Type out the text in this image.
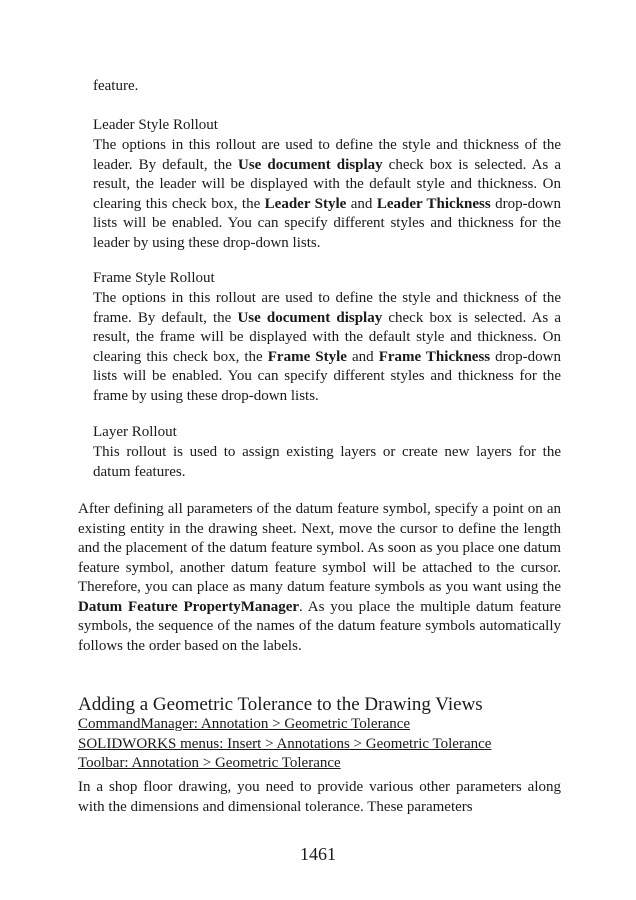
feature.
Leader Style Rollout
The options in this rollout are used to define the style and thickness of the leader. By default, the Use document display check box is selected. As a result, the leader will be displayed with the default style and thickness. On clearing this check box, the Leader Style and Leader Thickness drop-down lists will be enabled. You can specify different styles and thickness for the leader by using these drop-down lists.
Frame Style Rollout
The options in this rollout are used to define the style and thickness of the frame. By default, the Use document display check box is selected. As a result, the frame will be displayed with the default style and thickness. On clearing this check box, the Frame Style and Frame Thickness drop-down lists will be enabled. You can specify different styles and thickness for the frame by using these drop-down lists.
Layer Rollout
This rollout is used to assign existing layers or create new layers for the datum features.
After defining all parameters of the datum feature symbol, specify a point on an existing entity in the drawing sheet. Next, move the cursor to define the length and the placement of the datum feature symbol. As soon as you place one datum feature symbol, another datum feature symbol will be attached to the cursor. Therefore, you can place as many datum feature symbols as you want using the Datum Feature PropertyManager. As you place the multiple datum feature symbols, the sequence of the names of the datum feature symbols automatically follows the order based on the labels.
Adding a Geometric Tolerance to the Drawing Views
CommandManager: Annotation > Geometric Tolerance
SOLIDWORKS menus: Insert > Annotations > Geometric Tolerance
Toolbar: Annotation > Geometric Tolerance
In a shop floor drawing, you need to provide various other parameters along with the dimensions and dimensional tolerance. These parameters
1461
